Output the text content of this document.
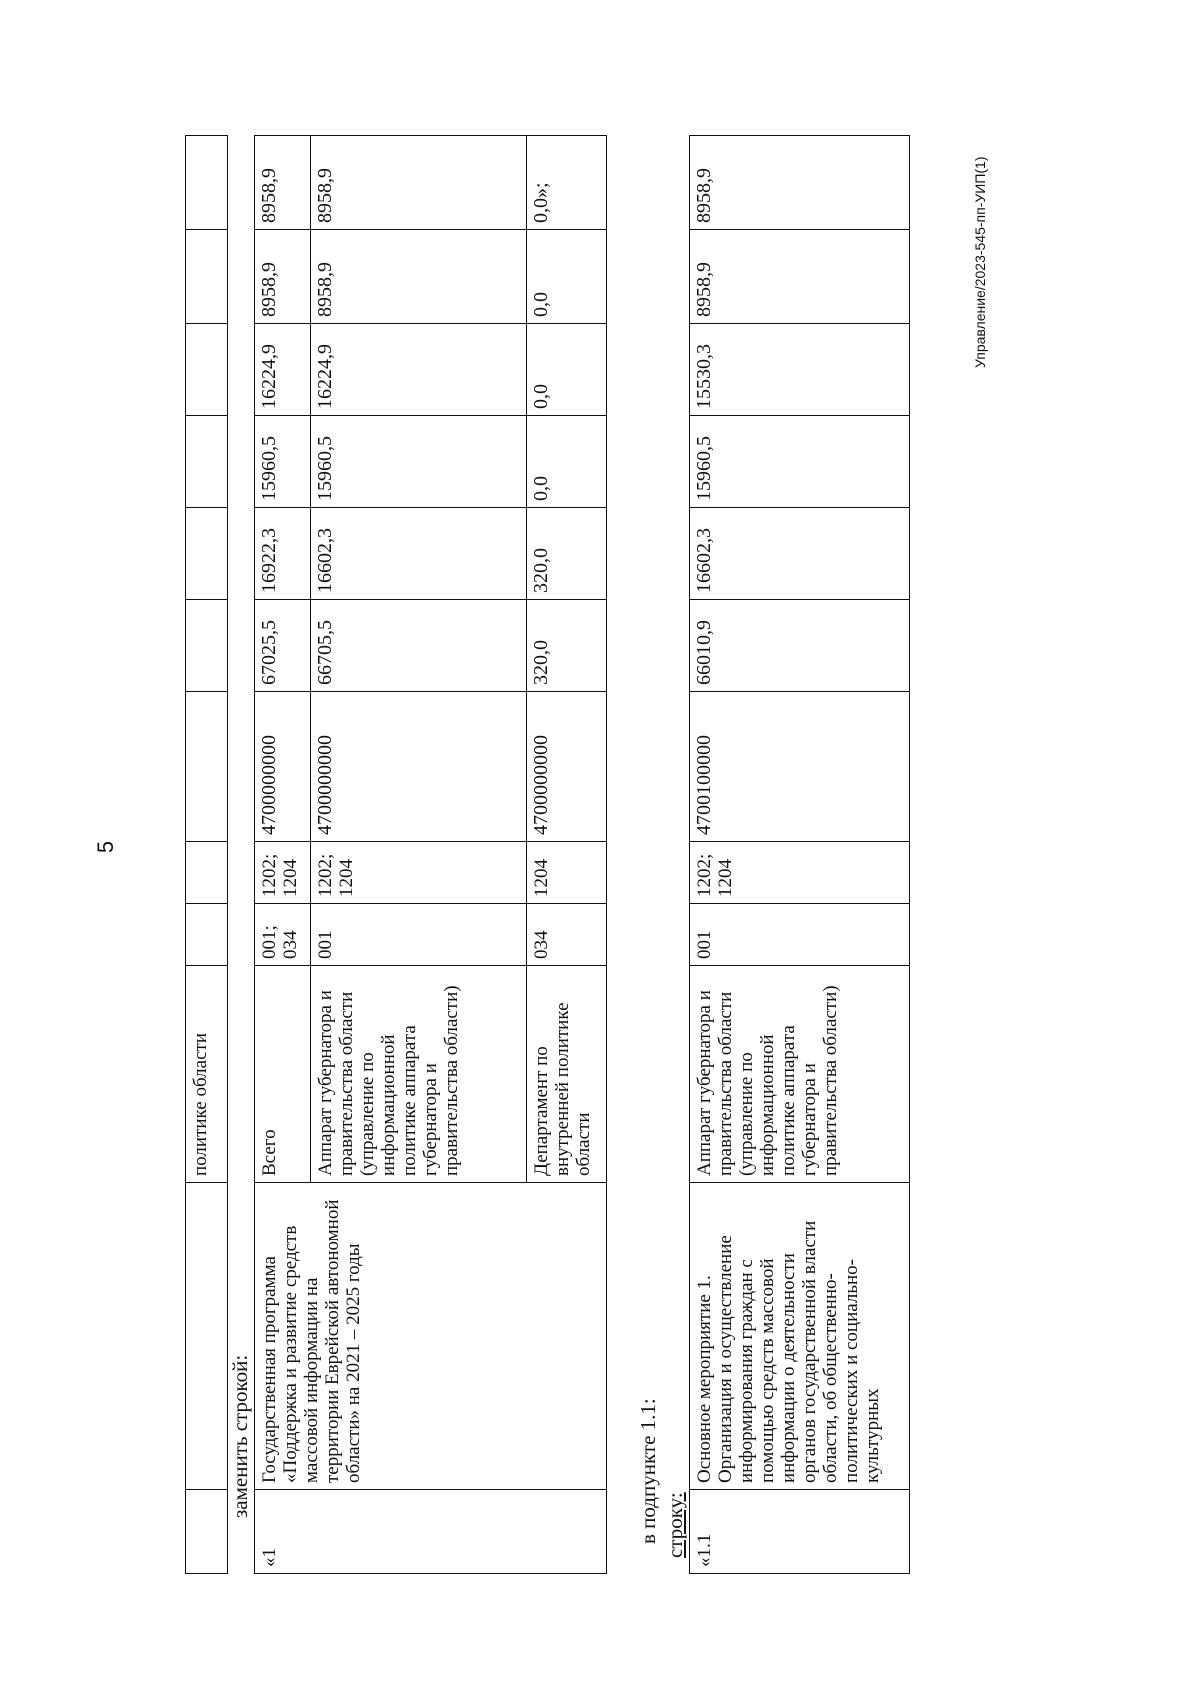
5
Управление/2023-545-пп-УИП(1)
		политике области									
заменить строкой:
«1	Государственная программа «Поддержка и развитие средств массовой информации на территории Еврейской автономной области» на 2021 – 2025 годы	Всего	001; 034	1202; 1204	4700000000	67025,5	16922,3	15960,5	16224,9	8958,9	8958,9
		Аппарат губернатора и правительства области (управление по информационной политике аппарата губернатора и правительства области)	001	1202; 1204	4700000000	66705,5	16602,3	15960,5	16224,9	8958,9	8958,9
		Департамент по внутренней политике области	034	1204	4700000000	320,0	320,0	0,0	0,0	0,0	0,0»;
в подпункте 1.1: строку: «1.1	Основное мероприятие 1. Организация и осуществление информирования граждан с помощью средств массовой информации о деятельности органов государственной власти области, об общественно-политических и социально-культурных	Аппарат губернатора и правительства области (управление по информационной политике аппарата губернатора и правительства области)	001	1202; 1204	4700100000	66010,9	16602,3	15960,5	15530,3	8958,9	8958,9
